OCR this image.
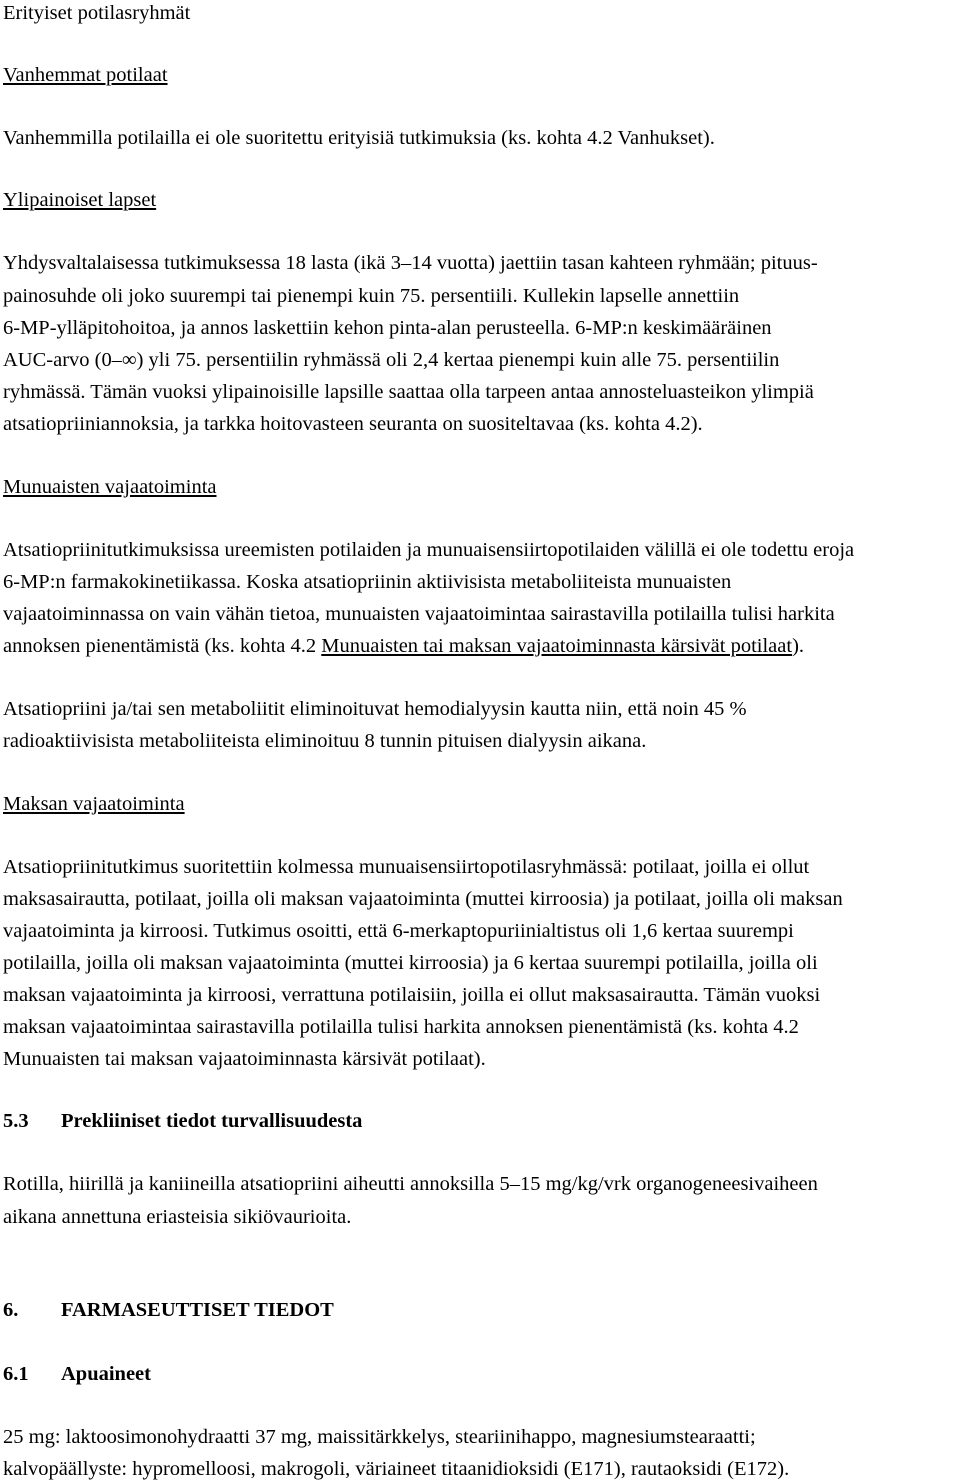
Erityiset potilasryhmät
Vanhemmat potilaat
Vanhemmilla potilailla ei ole suoritettu erityisiä tutkimuksia (ks. kohta 4.2 Vanhukset).
Ylipainoiset lapset
Yhdysvaltalaisessa tutkimuksessa 18 lasta (ikä 3–14 vuotta) jaettiin tasan kahteen ryhmään; pituus-
painosuhde oli joko suurempi tai pienempi kuin 75. persentiili. Kullekin lapselle annettiin
6-MP-ylläpitohoitoa, ja annos laskettiin kehon pinta-alan perusteella. 6-MP:n keskimääräinen
AUC-arvo (0–∞) yli 75. persentiilin ryhmässä oli 2,4 kertaa pienempi kuin alle 75. persentiilin
ryhmässä. Tämän vuoksi ylipainoisille lapsille saattaa olla tarpeen antaa annosteluasteikon ylimpiä
atsatiopriiniannoksia, ja tarkka hoitovasteen seuranta on suositeltavaa (ks. kohta 4.2).
Munuaisten vajaatoiminta
Atsatiopriinitutkimuksissa ureemisten potilaiden ja munuaisensiirtopotilaiden välillä ei ole todettu eroja
6-MP:n farmakokinetiikassa. Koska atsatiopriinin aktiivisista metaboliiteista munuaisten
vajaatoiminnassa on vain vähän tietoa, munuaisten vajaatoimintaa sairastavilla potilailla tulisi harkita
annoksen pienentämistä (ks. kohta 4.2 Munuaisten tai maksan vajaatoiminnasta kärsivät potilaat).
Atsatiopriini ja/tai sen metaboliitit eliminoituvat hemodialyysin kautta niin, että noin 45 %
radioaktiivisista metaboliiteista eliminoituu 8 tunnin pituisen dialyysin aikana.
Maksan vajaatoiminta
Atsatiopriinitutkimus suoritettiin kolmessa munuaisensiirtopotilasryhmässä: potilaat, joilla ei ollut
maksasairautta, potilaat, joilla oli maksan vajaatoiminta (muttei kirroosia) ja potilaat, joilla oli maksan
vajaatoiminta ja kirroosi. Tutkimus osoitti, että 6-merkaptopuriinialtistus oli 1,6 kertaa suurempi
potilailla, joilla oli maksan vajaatoiminta (muttei kirroosia) ja 6 kertaa suurempi potilailla, joilla oli
maksan vajaatoiminta ja kirroosi, verrattuna potilaisiin, joilla ei ollut maksasairautta. Tämän vuoksi
maksan vajaatoimintaa sairastavilla potilailla tulisi harkita annoksen pienentämistä (ks. kohta 4.2
Munuaisten tai maksan vajaatoiminnasta kärsivät potilaat).
5.3 Prekliiniset tiedot turvallisuudesta
Rotilla, hiirillä ja kaniineilla atsatiopriini aiheutti annoksilla 5–15 mg/kg/vrk organogeneesivaiheen
aikana annettuna eriasteisia sikiövaurioita.
6. FARMASEUTTISET TIEDOT
6.1 Apuaineet
25 mg: laktoosimonohydraatti 37 mg, maissitärkkelys, steariinihappo, magnesiumstearaatti;
kalvopäällyste: hypromelloosi, makrogoli, väriaineet titaanidioksidi (E171), rautaoksidi (E172).
